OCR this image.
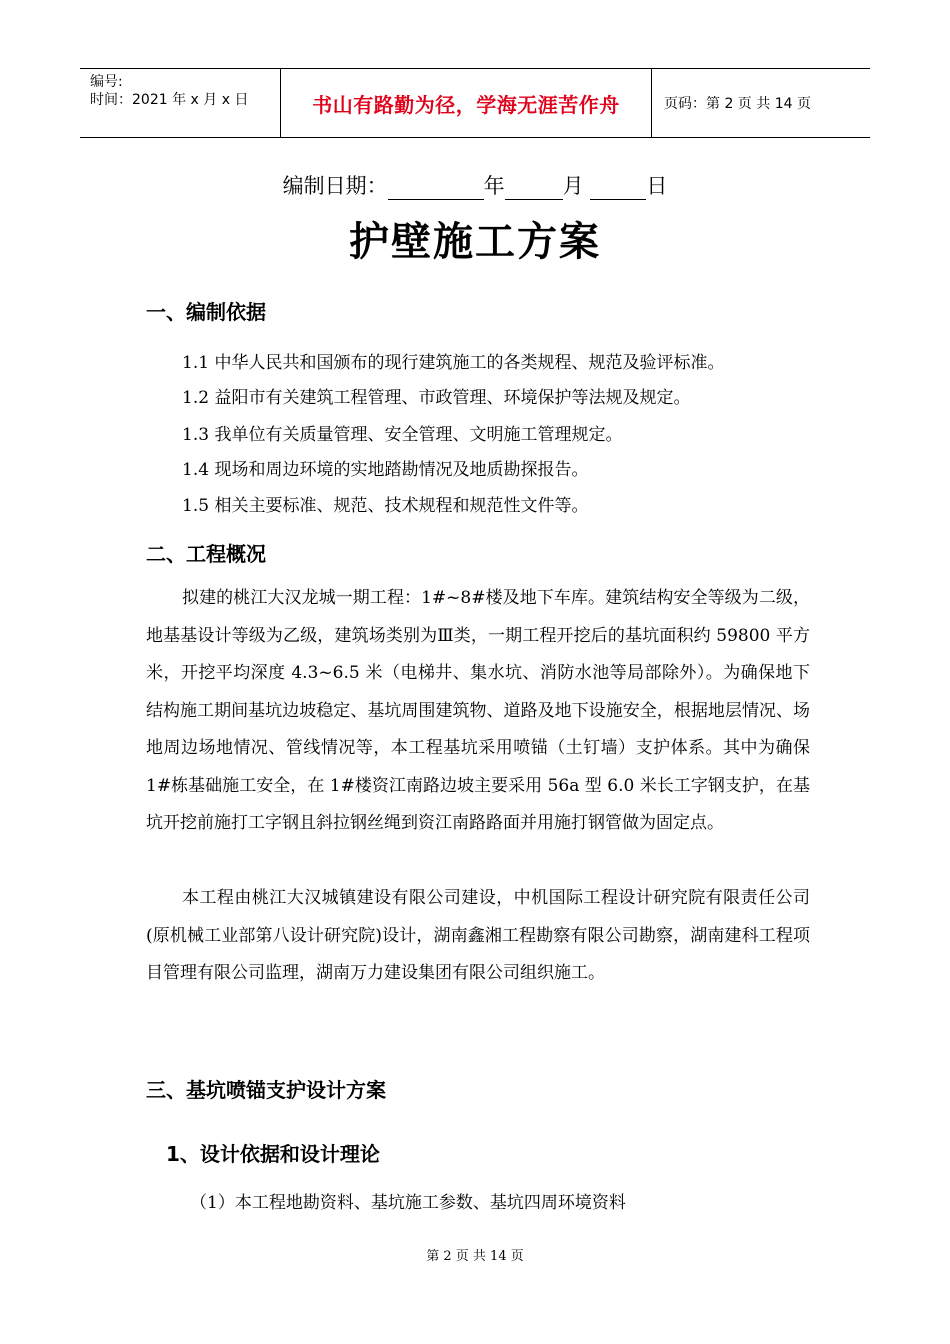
编号:
时间：2021 年 x 月 x 日	书山有路勤为径，学海无涯苦作舟	页码：第 2 页 共 14 页
编制日期：	年	月	日
护壁施工方案
一、编制依据
1.1 中华人民共和国颁布的现行建筑施工的各类规程、规范及验评标准。
1.2 益阳市有关建筑工程管理、市政管理、环境保护等法规及规定。
1.3 我单位有关质量管理、安全管理、文明施工管理规定。
1.4 现场和周边环境的实地踏勘情况及地质勘探报告。
1.5 相关主要标准、规范、技术规程和规范性文件等。
二、工程概况

拟建的桃江大汉龙城一期工程：1#~8#楼及地下车库。建筑结构安全等级为二级，地基基设计等级为乙级，建筑场类别为Ⅲ类，一期工程开挖后的基坑面积约 59800 平方米，开挖平均深度 4.3~6.5 米（电梯井、集水坑、消防水池等局部除外）。为确保地下结构施工期间基坑边坡稳定、基坑周围建筑物、道路及地下设施安全，根据地层情况、场地周边场地情况、管线情况等，本工程基坑采用喷锚（土钉墙）支护体系。其中为确保 1#栋基础施工安全，在 1#楼资江南路边坡主要采用 56a 型 6.0 米长工字钢支护，在基坑开挖前施打工字钢且斜拉钢丝绳到资江南路路面并用施打钢管做为固定点。

本工程由桃江大汉城镇建设有限公司建设，中机国际工程设计研究院有限责任公司(原机械工业部第八设计研究院)设计，湖南鑫湘工程勘察有限公司勘察，湖南建科工程项目管理有限公司监理，湖南万力建设集团有限公司组织施工。

三、基坑喷锚支护设计方案
1、设计依据和设计理论
（1）本工程地勘资料、基坑施工参数、基坑四周环境资料
第 2 页 共 14 页
